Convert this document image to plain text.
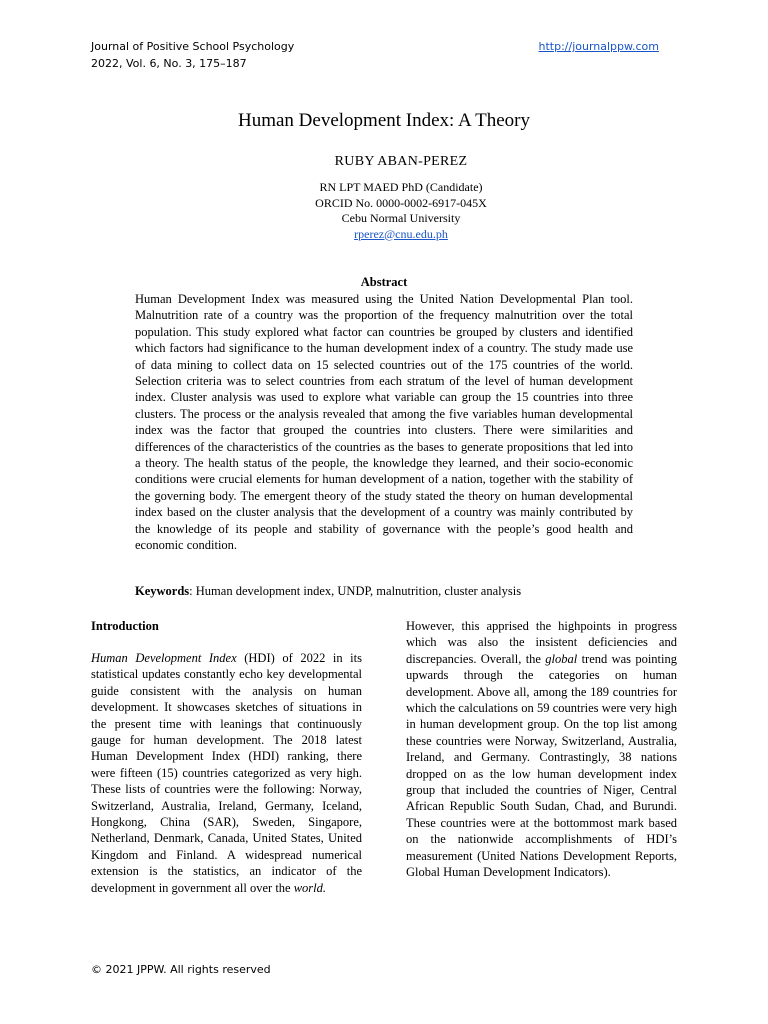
Journal of Positive School Psychology
2022, Vol. 6, No. 3, 175–187
http://journalppw.com
Human Development Index: A Theory
RUBY ABAN-PEREZ
RN LPT MAED PhD (Candidate)
ORCID No. 0000-0002-6917-045X
Cebu Normal University
rperez@cnu.edu.ph
Abstract
Human Development Index was measured using the United Nation Developmental Plan tool. Malnutrition rate of a country was the proportion of the frequency malnutrition over the total population. This study explored what factor can countries be grouped by clusters and identified which factors had significance to the human development index of a country. The study made use of data mining to collect data on 15 selected countries out of the 175 countries of the world. Selection criteria was to select countries from each stratum of the level of human development index. Cluster analysis was used to explore what variable can group the 15 countries into three clusters. The process or the analysis revealed that among the five variables human developmental index was the factor that grouped the countries into clusters. There were similarities and differences of the characteristics of the countries as the bases to generate propositions that led into a theory. The health status of the people, the knowledge they learned, and their socio-economic conditions were crucial elements for human development of a nation, together with the stability of the governing body. The emergent theory of the study stated the theory on human developmental index based on the cluster analysis that the development of a country was mainly contributed by the knowledge of its people and stability of governance with the people’s good health and economic condition.
Keywords: Human development index, UNDP, malnutrition, cluster analysis
Introduction
Human Development Index (HDI) of 2022 in its statistical updates constantly echo key developmental guide consistent with the analysis on human development. It showcases sketches of situations in the present time with leanings that continuously gauge for human development. The 2018 latest Human Development Index (HDI) ranking, there were fifteen (15) countries categorized as very high. These lists of countries were the following: Norway, Switzerland, Australia, Ireland, Germany, Iceland, Hongkong, China (SAR), Sweden, Singapore, Netherland, Denmark, Canada, United States, United Kingdom and Finland. A widespread numerical extension is the statistics, an indicator of the development in government all over the world.
However, this apprised the highpoints in progress which was also the insistent deficiencies and discrepancies. Overall, the global trend was pointing upwards through the categories on human development. Above all, among the 189 countries for which the calculations on 59 countries were very high in human development group. On the top list among these countries were Norway, Switzerland, Australia, Ireland, and Germany. Contrastingly, 38 nations dropped on as the low human development index group that included the countries of Niger, Central African Republic South Sudan, Chad, and Burundi. These countries were at the bottommost mark based on the nationwide accomplishments of HDI’s measurement (United Nations Development Reports, Global Human Development Indicators).
© 2021 JPPW. All rights reserved
